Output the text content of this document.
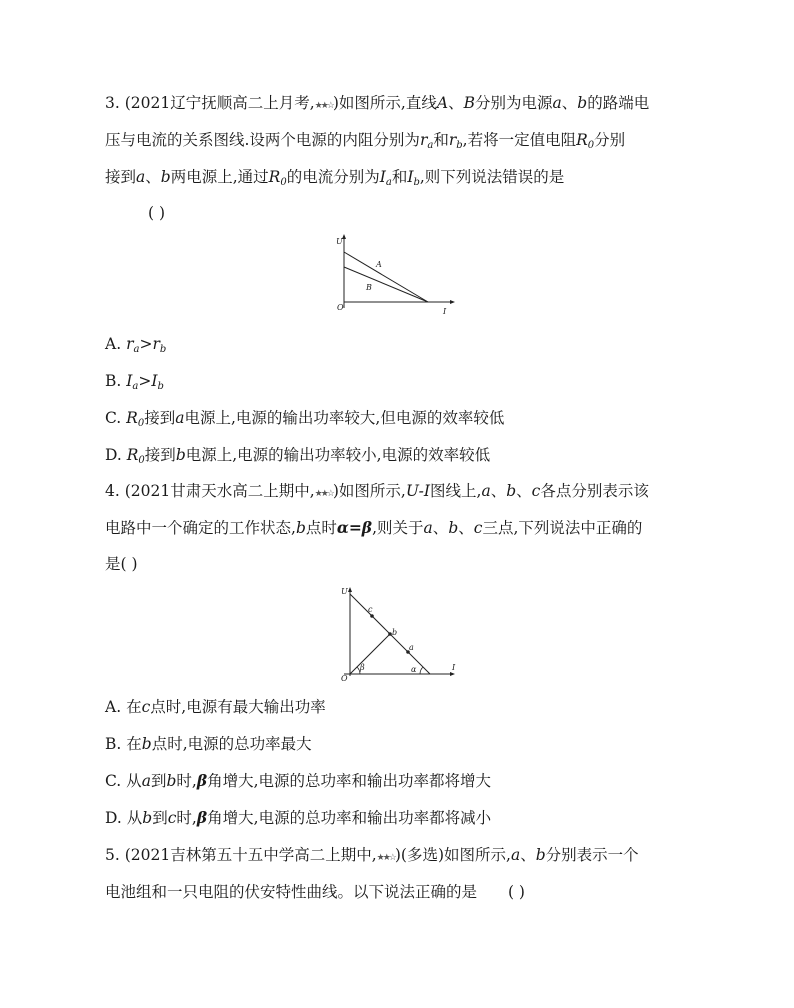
3. (2021辽宁抚顺高二上月考,★★☆)如图所示,直线A、B分别为电源a、b的路端电
压与电流的关系图线.设两个电源的内阻分别为$r_a$和$r_b$,若将一定值电阻$R_0$分别
接到a、b两电源上,通过$R_0$的电流分别为$I_a$和$I_b$,则下列说法错误的是
( )
U
I
O
A
B
A. $r_a>r_b$
B. $I_a>I_b$
C. $R_0$接到a电源上,电源的输出功率较大,但电源的效率较低
D. $R_0$接到b电源上,电源的输出功率较小,电源的效率较低
4. (2021甘肃天水高二上期中,★★☆)如图所示,U-I图线上,a、b、c各点分别表示该
电路中一个确定的工作状态,b点时α=β,则关于a、b、c三点,下列说法中正确的
是( )
U
I
O
c
b
a
β	α
A. 在c点时,电源有最大输出功率
B. 在b点时,电源的总功率最大
C. 从a到b时,β角增大,电源的总功率和输出功率都将增大
D. 从b到c时,β角增大,电源的总功率和输出功率都将减小
5. (2021吉林第五十五中学高二上期中,★★☆)(多选)如图所示,a、b分别表示一个
电池组和一只电阻的伏安特性曲线。以下说法正确的是 ( )
